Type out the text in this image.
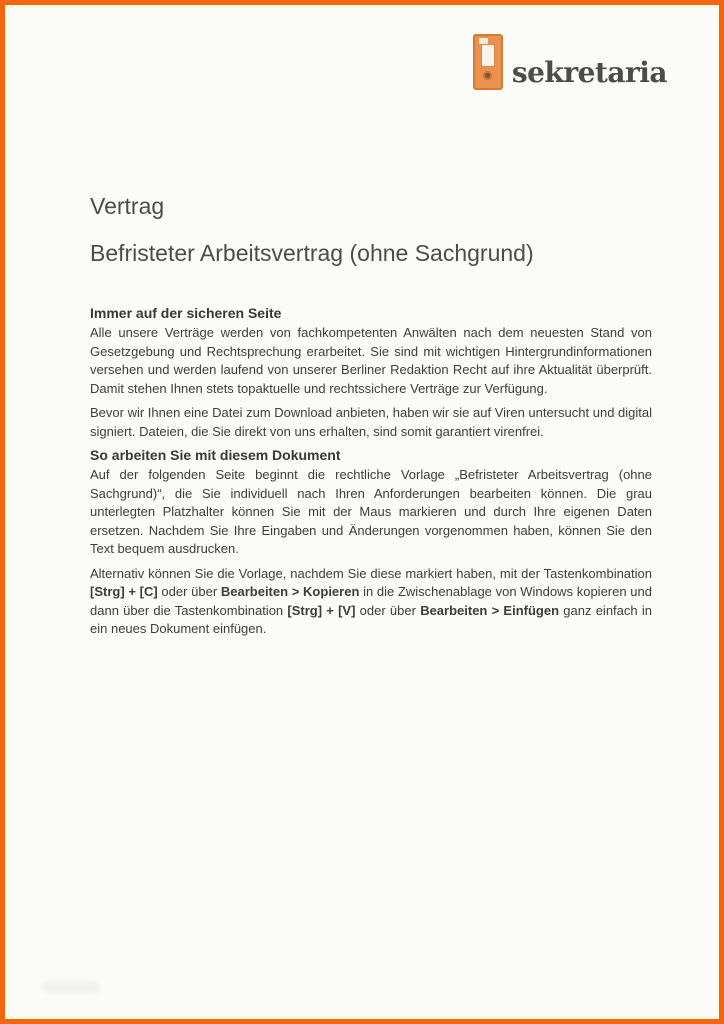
sekretaria
Vertrag
Befristeter Arbeitsvertrag (ohne Sachgrund)
Immer auf der sicheren Seite

Alle unsere Verträge werden von fachkompetenten Anwälten nach dem neuesten Stand von Gesetzgebung und Rechtsprechung erarbeitet. Sie sind mit wichtigen Hintergrundinformationen versehen und werden laufend von unserer Berliner Redaktion Recht auf ihre Aktualität überprüft. Damit stehen Ihnen stets topaktuelle und rechtssichere Verträge zur Verfügung.

Bevor wir Ihnen eine Datei zum Download anbieten, haben wir sie auf Viren untersucht und digital signiert. Dateien, die Sie direkt von uns erhalten, sind somit garantiert virenfrei.

So arbeiten Sie mit diesem Dokument

Auf der folgenden Seite beginnt die rechtliche Vorlage „Befristeter Arbeitsvertrag (ohne Sachgrund)“, die Sie individuell nach Ihren Anforderungen bearbeiten können. Die grau unterlegten Platzhalter können Sie mit der Maus markieren und durch Ihre eigenen Daten ersetzen. Nachdem Sie Ihre Eingaben und Änderungen vorgenommen haben, können Sie den Text bequem ausdrucken.

Alternativ können Sie die Vorlage, nachdem Sie diese markiert haben, mit der Tastenkombination [Strg] + [C] oder über Bearbeiten > Kopieren in die Zwischenablage von Windows kopieren und dann über die Tastenkombination [Strg] + [V] oder über Bearbeiten > Einfügen ganz einfach in ein neues Dokument einfügen.
